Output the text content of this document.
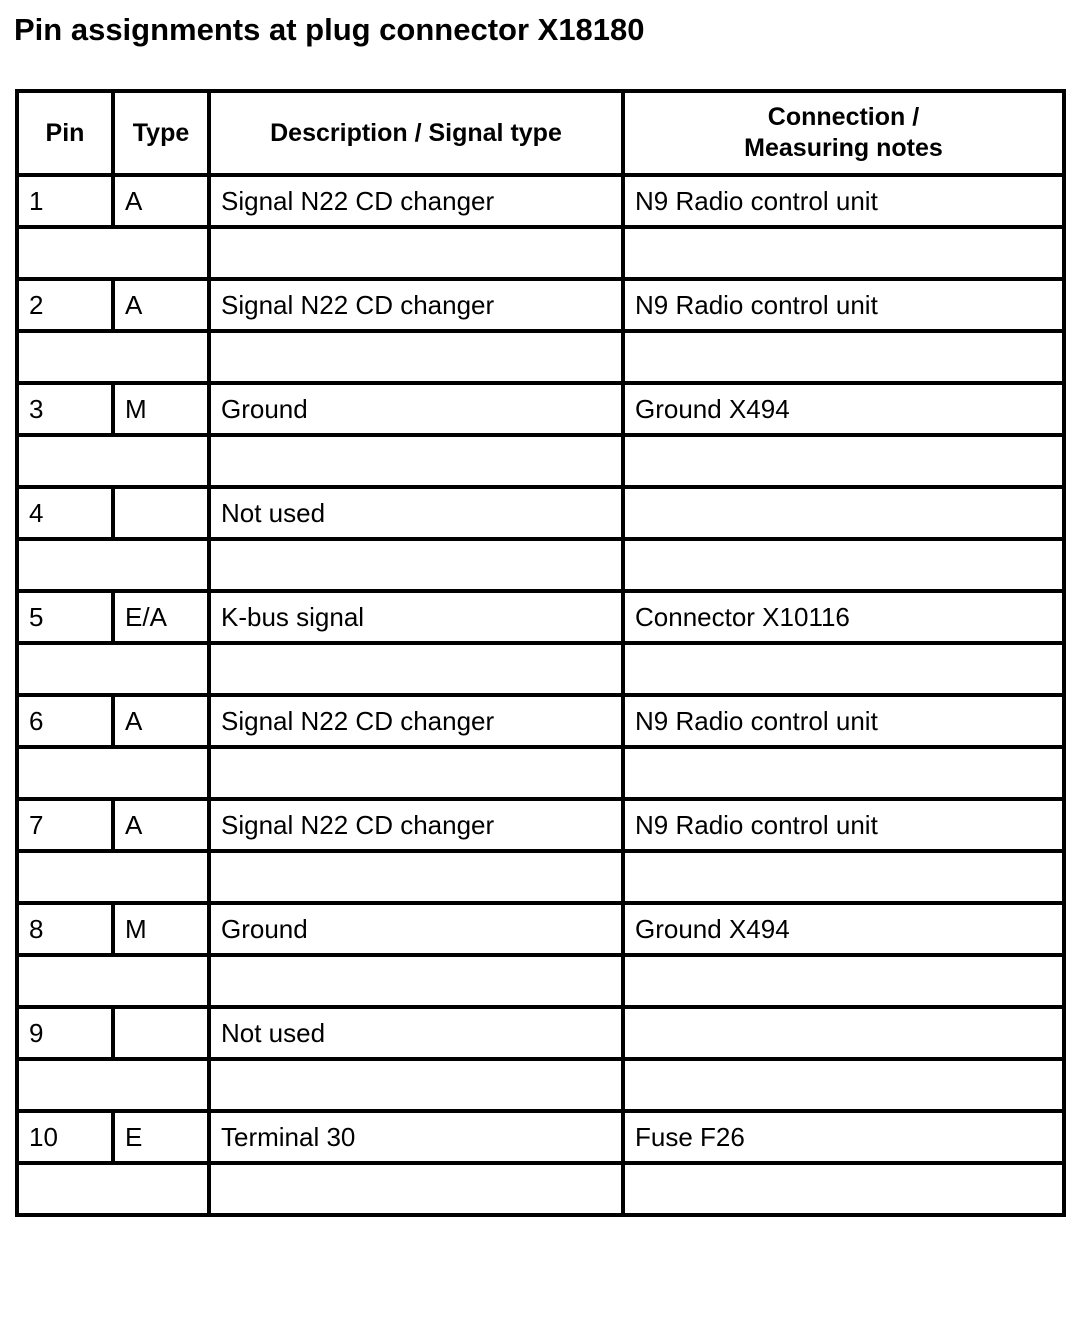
Pin assignments at plug connector X18180
Pin	Type	Description / Signal type	Connection /
Measuring notes
1	A	Signal N22 CD changer	N9 Radio control unit

2	A	Signal N22 CD changer	N9 Radio control unit

3	M	Ground	Ground X494

4		Not used	

5	E/A	K-bus signal	Connector X10116

6	A	Signal N22 CD changer	N9 Radio control unit

7	A	Signal N22 CD changer	N9 Radio control unit

8	M	Ground	Ground X494

9		Not used	

10	E	Terminal 30	Fuse F26
